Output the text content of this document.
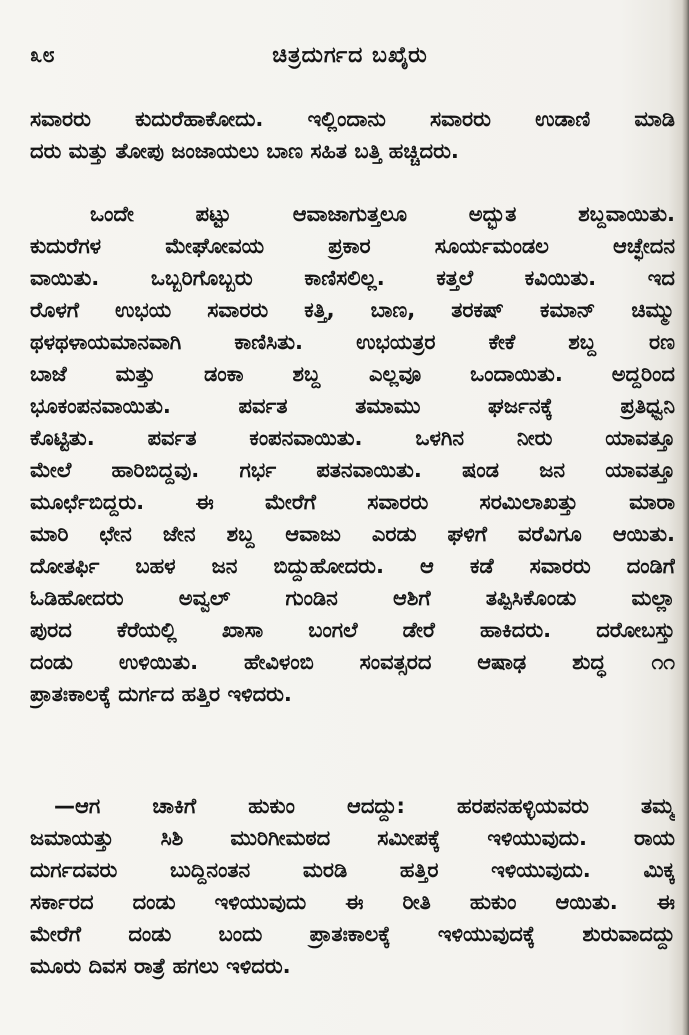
೩೮	ಚಿತ್ರದುರ್ಗದ ಬಖೈರು
ಸವಾರರು ಕುದುರೆಹಾಕೋದು. ಇಲ್ಲಿಂದಾನು ಸವಾರರು ಉಡಾಣಿ ಮಾಡಿ
ದರು ಮತ್ತು ತೋಪು ಜಂಜಾಯಲು ಬಾಣ ಸಹಿತ ಬತ್ತಿ ಹಚ್ಚಿದರು.
ಒಂದೇ ಪಟ್ಟು ಆವಾಜಾಗುತ್ತಲೂ ಅದ್ಭುತ ಶಬ್ದವಾಯಿತು.
ಕುದುರೆಗಳ ಮೇಘೋವಯ ಪ್ರಕಾರ ಸೂರ್ಯಮಂಡಲ ಆಚ್ಛೇದನ
ವಾಯಿತು. ಒಬ್ಬರಿಗೊಬ್ಬರು ಕಾಣಿಸಲಿಲ್ಲ. ಕತ್ತಲೆ ಕವಿಯಿತು. ಇದ
ರೊಳಗೆ ಉಭಯ ಸವಾರರು ಕತ್ತಿ, ಬಾಣ, ತರಕಷ್ ಕಮಾನ್ ಚಿಮ್ಮು
ಥಳಥಳಾಯಮಾನವಾಗಿ ಕಾಣಿಸಿತು. ಉಭಯತ್ರರ ಕೇಕೆ ಶಬ್ದ ರಣ
ಬಾಜೆ ಮತ್ತು ಡಂಕಾ ಶಬ್ದ ಎಲ್ಲವೂ ಒಂದಾಯಿತು. ಅದ್ದರಿಂದ
ಭೂಕಂಪನವಾಯಿತು. ಪರ್ವತ ತಮಾಮು ಘರ್ಜನಕ್ಕೆ ಪ್ರತಿಧ್ವನಿ
ಕೊಟ್ಟಿತು. ಪರ್ವತ ಕಂಪನವಾಯಿತು. ಒಳಗಿನ ನೀರು ಯಾವತ್ತೂ
ಮೇಲೆ ಹಾರಿಬಿದ್ದವು. ಗರ್ಭ ಪತನವಾಯಿತು. ಷಂಡ ಜನ ಯಾವತ್ತೂ
ಮೂರ್ಛೆಬಿದ್ದರು. ಈ ಮೇರೆಗೆ ಸವಾರರು ಸರಮಿಲಾಖತ್ತು ಮಾರಾ
ಮಾರಿ ಛೇನ ಜೇನ ಶಬ್ದ ಆವಾಜು ಎರಡು ಘಳಿಗೆ ವರೆವಿಗೂ ಆಯಿತು.
ದೋತರ್ಫಿ ಬಹಳ ಜನ ಬಿದ್ದುಹೋದರು. ಆ ಕಡೆ ಸವಾರರು ದಂಡಿಗೆ
ಓಡಿಹೋದರು ಅವ್ವಲ್ ಗುಂಡಿನ ಆಶಿಗೆ ತಪ್ಪಿಸಿಕೊಂಡು ಮಲ್ಲಾ
ಪುರದ ಕೆರೆಯಲ್ಲಿ ಖಾಸಾ ಬಂಗಲೆ ಡೇರೆ ಹಾಕಿದರು. ದರೋಬಸ್ತು
ದಂಡು ಉಳಿಯಿತು. ಹೇವಿಳಂಬಿ ಸಂವತ್ಸರದ ಆಷಾಢ ಶುದ್ಧ ೧೧
ಪ್ರಾತಃಕಾಲಕ್ಕೆ ದುರ್ಗದ ಹತ್ತಿರ ಇಳಿದರು.
—ಆಗ ಚಾಕಿಗೆ ಹುಕುಂ ಆದದ್ದು: ಹರಪನಹಳ್ಳಿಯವರು ತಮ್ಮ
ಜಮಾಯತ್ತು ಸಿಶಿ ಮುರಿಗೀಮಠದ ಸಮೀಪಕ್ಕೆ ಇಳಿಯುವುದು. ರಾಯ
ದುರ್ಗದವರು ಬುದ್ದಿನಂತನ ಮರಡಿ ಹತ್ತಿರ ಇಳಿಯುವುದು. ಮಿಕ್ಕ
ಸರ್ಕಾರದ ದಂಡು ಇಳಿಯುವುದು ಈ ರೀತಿ ಹುಕುಂ ಆಯಿತು. ಈ
ಮೇರೆಗೆ ದಂಡು ಬಂದು ಪ್ರಾತಃಕಾಲಕ್ಕೆ ಇಳಿಯುವುದಕ್ಕೆ ಶುರುವಾದದ್ದು
ಮೂರು ದಿವಸ ರಾತ್ರೆ ಹಗಲು ಇಳಿದರು.
